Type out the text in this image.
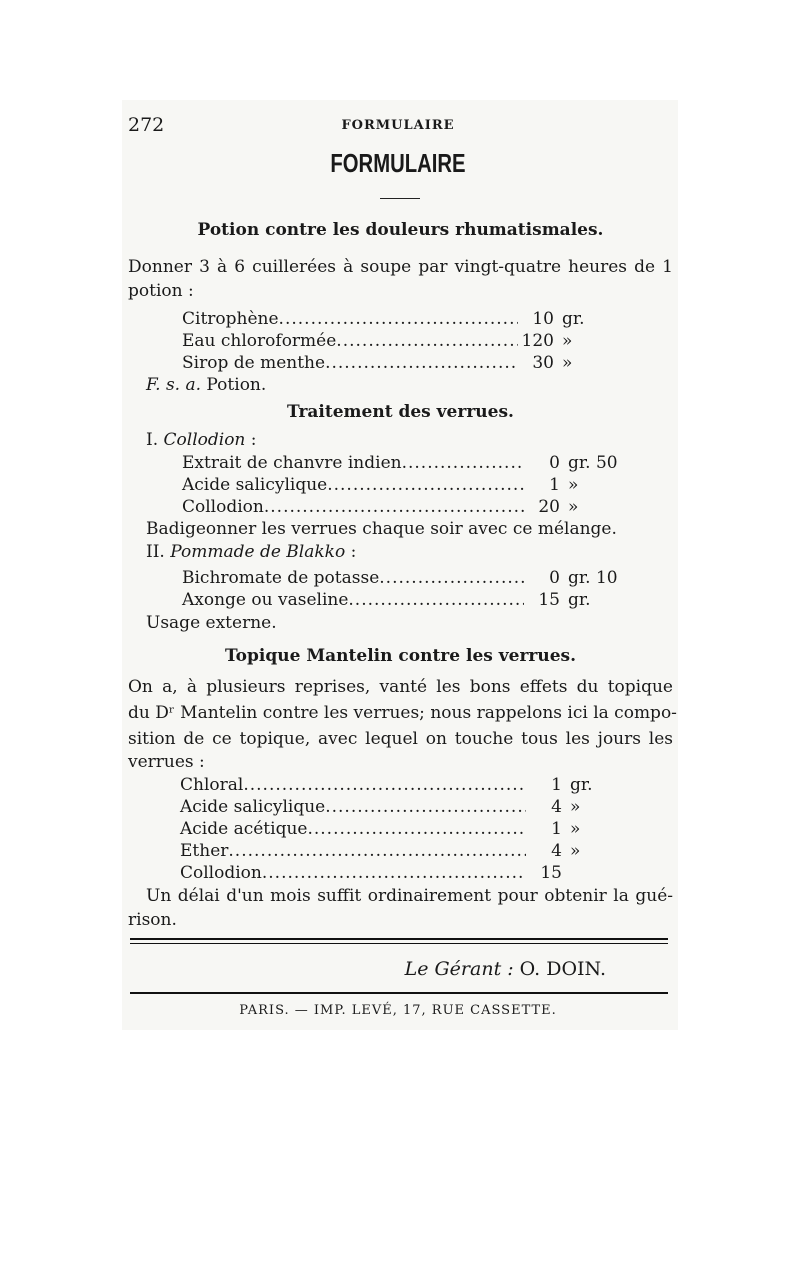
272	FORMULAIRE
FORMULAIRE
Potion contre les douleurs rhumatismales.
Donner 3 à 6 cuillerées à soupe par vingt-quatre heures de 1
potion :
Citrophène .....	10 gr.
Eau chloroformée .....	120 »
Sirop de menthe .....	30 »
F. s. a. Potion.
Traitement des verrues.
I. Collodion :
Extrait de chanvre indien .....	0 gr. 50
Acide salicylique .....	1 »
Collodion .....	20 »
Badigeonner les verrues chaque soir avec ce mélange.
II. Pommade de Blakko :
Bichromate de potasse .....	0 gr. 10
Axonge ou vaseline .....	15 gr.
Usage externe.
Topique Mantelin contre les verrues.
On a, à plusieurs reprises, vanté les bons effets du topique
du Dʳ Mantelin contre les verrues; nous rappelons ici la compo-
sition de ce topique, avec lequel on touche tous les jours les
verrues :
Chloral .....	1 gr.
Acide salicylique .....	4 »
Acide acétique .....	1 »
Ether .....	4 »
Collodion .....	15
Un délai d'un mois suffit ordinairement pour obtenir la gué-
rison.
Le Gérant : O. DOIN.
PARIS. — IMP. LEVÉ, 17, RUE CASSETTE.
